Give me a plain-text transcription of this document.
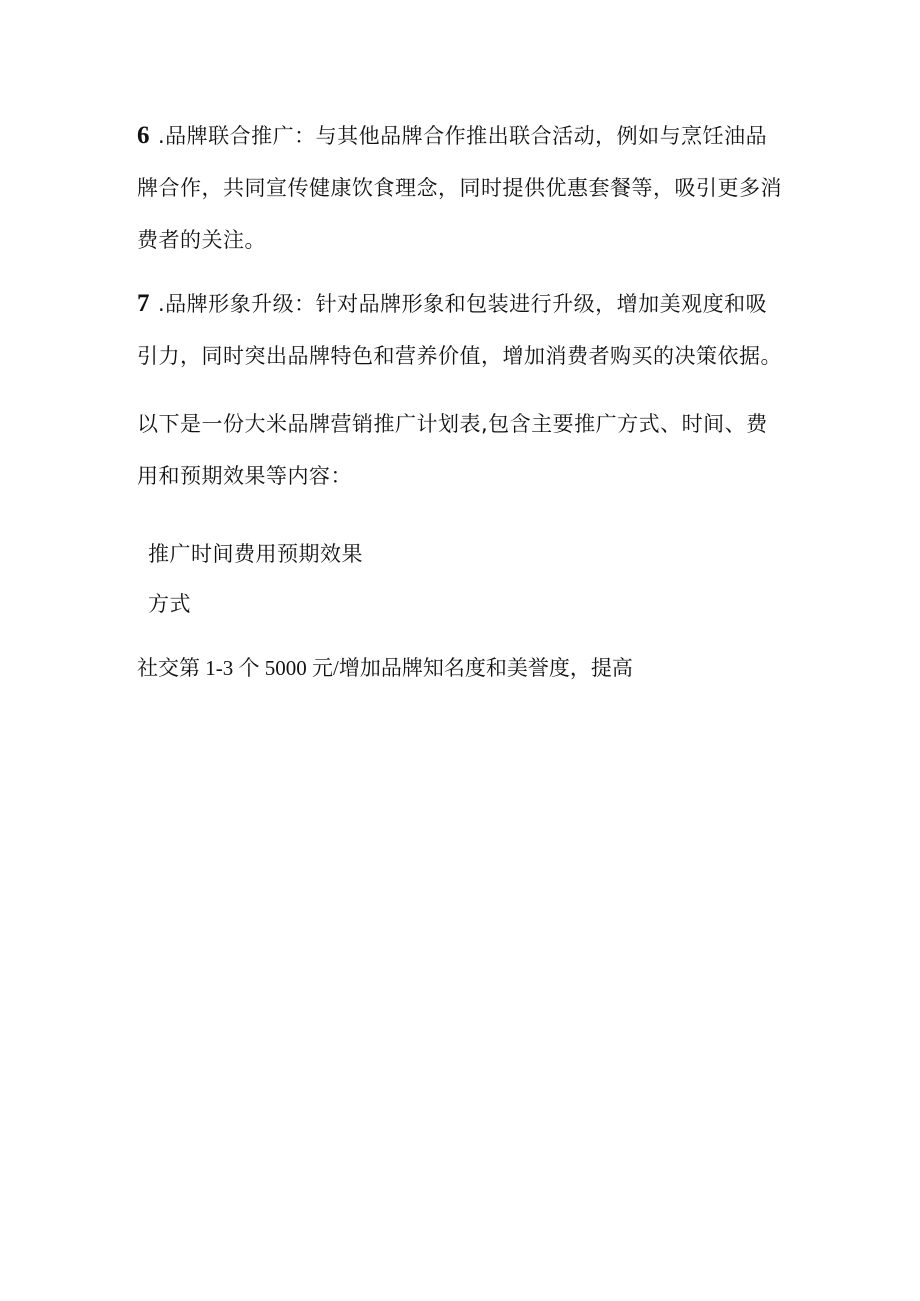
6 .品牌联合推广：与其他品牌合作推出联合活动，例如与烹饪油品
牌合作，共同宣传健康饮食理念，同时提供优惠套餐等，吸引更多消
费者的关注。
7 .品牌形象升级：针对品牌形象和包装进行升级，增加美观度和吸
引力，同时突出品牌特色和营养价值，增加消费者购买的决策依据。
以下是一份大米品牌营销推广计划表,包含主要推广方式、时间、费
用和预期效果等内容：
推广时间费用预期效果
方式
社交第 1-3 个 5000 元/增加品牌知名度和美誉度，提高
